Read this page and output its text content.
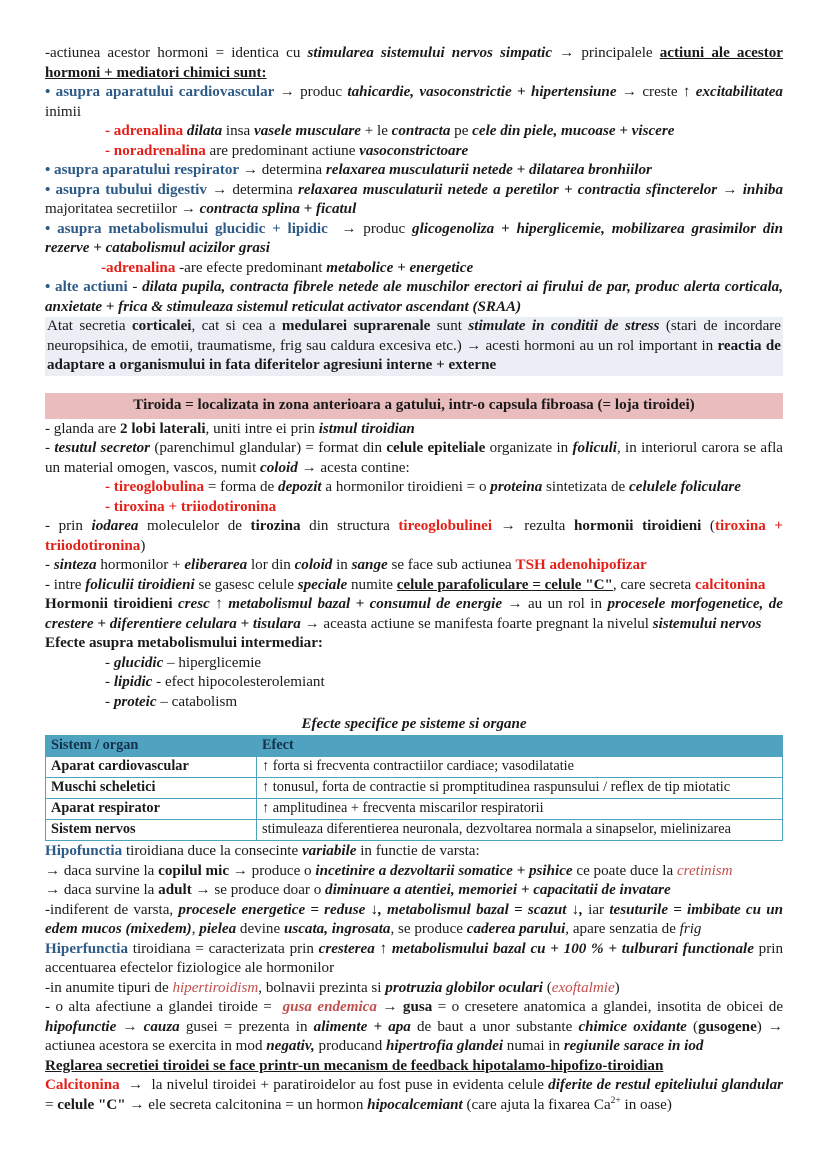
-actiunea acestor hormoni = identica cu stimularea sistemului nervos simpatic → principalele actiuni ale acestor hormoni + mediatori chimici sunt:

• asupra aparatului cardiovascular → produc tahicardie, vasoconstrictie + hipertensiune → creste ↑ excitabilitatea inimii

- adrenalina dilata insa vasele musculare + le contracta pe cele din piele, mucoase + viscere

- noradrenalina are predominant actiune vasoconstrictoare

• asupra aparatului respirator → determina relaxarea musculaturii netede + dilatarea bronhiilor

• asupra tubului digestiv → determina relaxarea musculaturii netede a peretilor + contractia sfincterelor → inhiba majoritatea secretiilor → contracta splina + ficatul

• asupra metabolismului glucidic + lipidic  → produc glicogenoliza + hiperglicemie, mobilizarea grasimilor din rezerve + catabolismul acizilor grasi

-adrenalina -are efecte predominant metabolice + energetice

• alte actiuni - dilata pupila, contracta fibrele netede ale muschilor erectori ai firului de par, produc alerta corticala, anxietate + frica & stimuleaza sistemul reticulat activator ascendant (SRAA)

Atat secretia corticalei, cat si cea a medularei suprarenale sunt stimulate in conditii de stress (stari de incordare neuropsihica, de emotii, traumatisme, frig sau caldura excesiva etc.) → acesti hormoni au un rol important in reactia de adaptare a organismului in fata diferitelor agresiuni interne + externe

Tiroida = localizata in zona anterioara a gatului, intr-o capsula fibroasa (= loja tiroidei)

- glanda are 2 lobi laterali, uniti intre ei prin istmul tiroidian

- tesutul secretor (parenchimul glandular) = format din celule epiteliale organizate in foliculi, in interiorul carora se afla un material omogen, vascos, numit coloid → acesta contine:

- tireoglobulina = forma de depozit a hormonilor tiroidieni = o proteina sintetizata de celulele foliculare

- tiroxina + triiodotironina

- prin iodarea moleculelor de tirozina din structura tireoglobulinei → rezulta hormonii tiroidieni (tiroxina + triiodotironina)

- sinteza hormonilor + eliberarea lor din coloid in sange se face sub actiunea TSH adenohipofizar

- intre foliculii tiroidieni se gasesc celule speciale numite celule parafoliculare = celule "C", care secreta calcitonina

Hormonii tiroidieni cresc ↑ metabolismul bazal + consumul de energie → au un rol in procesele morfogenetice, de crestere + diferentiere celulara + tisulara → aceasta actiune se manifesta foarte pregnant la nivelul sistemului nervos

Efecte asupra metabolismului intermediar:

- glucidic – hiperglicemie

- lipidic - efect hipocolesterolemiant

- proteic – catabolism

Efecte specifice pe sisteme si organe
Sistem / organ	Efect
Aparat cardiovascular	↑ forta si frecventa contractiilor cardiace; vasodilatatie
Muschi scheletici	↑ tonusul, forta de contractie si promptitudinea raspunsului / reflex de tip miotatic
Aparat respirator	↑ amplitudinea + frecventa miscarilor respiratorii
Sistem nervos	stimuleaza diferentierea neuronala, dezvoltarea normala a sinapselor, mielinizarea

Hipofunctia tiroidiana duce la consecinte variabile in functie de varsta:

→ daca survine la copilul mic → produce o incetinire a dezvoltarii somatice + psihice ce poate duce la cretinism

→ daca survine la adult → se produce doar o diminuare a atentiei, memoriei + capacitatii de invatare

-indiferent de varsta, procesele energetice = reduse ↓, metabolismul bazal = scazut ↓, iar tesuturile = imbibate cu un edem mucos (mixedem), pielea devine uscata, ingrosata, se produce caderea parului, apare senzatia de frig

Hiperfunctia tiroidiana = caracterizata prin cresterea ↑ metabolismului bazal cu + 100 % + tulburari functionale prin accentuarea efectelor fiziologice ale hormonilor

-in anumite tipuri de hipertiroidism, bolnavii prezinta si protruzia globilor oculari (exoftalmie)

- o alta afectiune a glandei tiroide =  gusa endemica → gusa = o cresetere anatomica a glandei, insotita de obicei de hipofunctie → cauza gusei = prezenta in alimente + apa de baut a unor substante chimice oxidante (gusogene) → actiunea acestora se exercita in mod negativ, producand hipertrofia glandei numai in regiunile sarace in iod

Reglarea secretiei tiroidei se face printr-un mecanism de feedback hipotalamo-hipofizo-tiroidian

Calcitonina  →  la nivelul tiroidei + paratiroidelor au fost puse in evidenta celule diferite de restul epiteliului glandular = celule "C" → ele secreta calcitonina = un hormon hipocalcemiant (care ajuta la fixarea $Ca^{2+}$ in oase)
